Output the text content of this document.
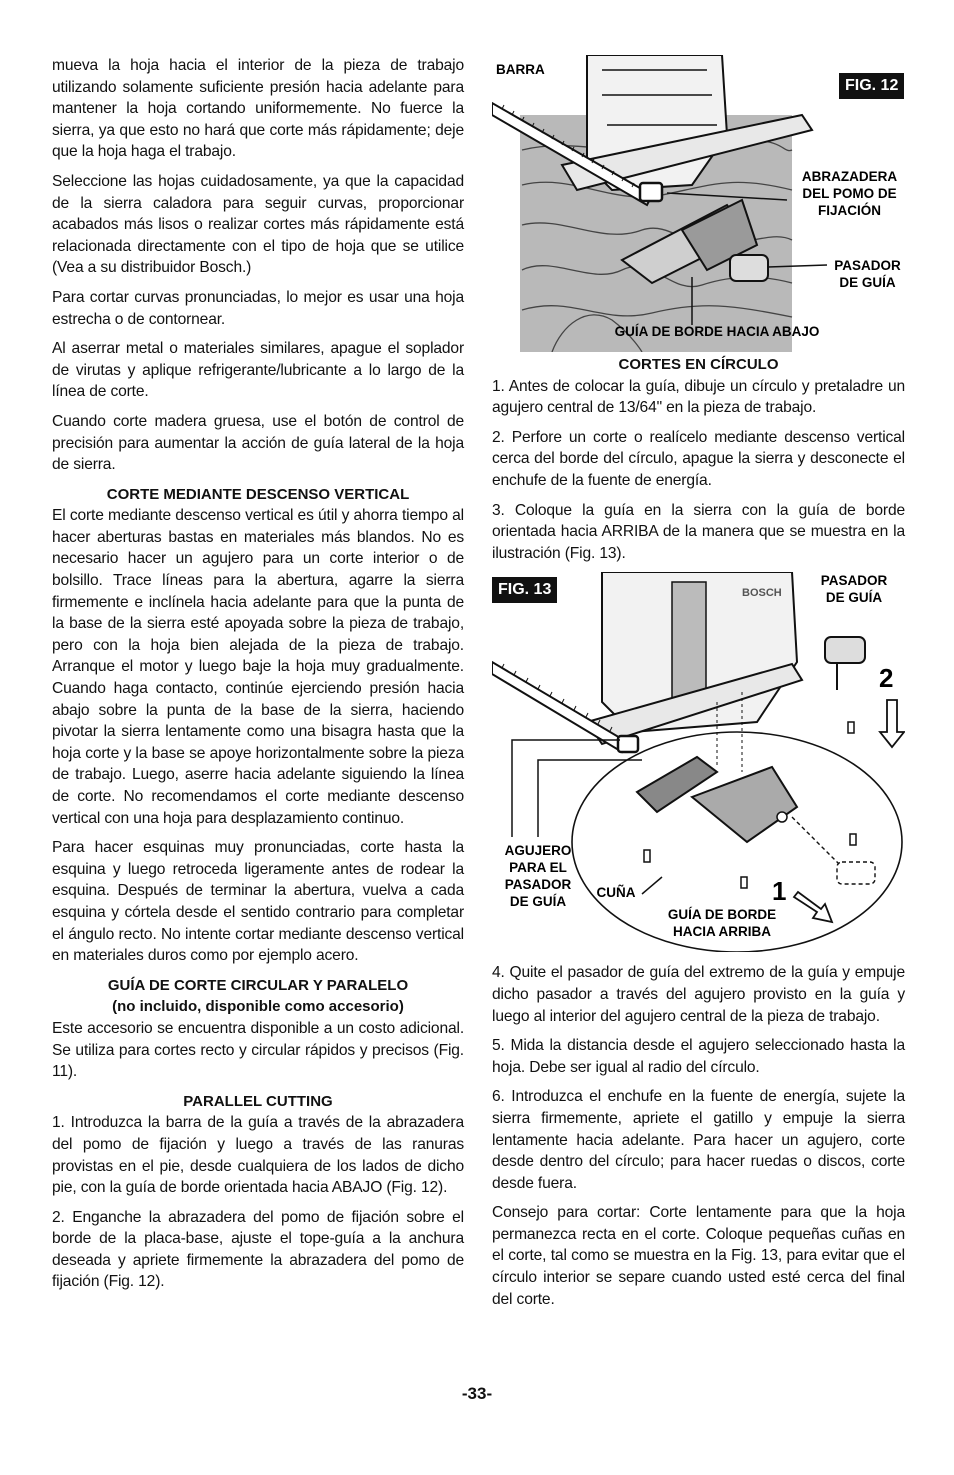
mueva la hoja hacia el interior de la pieza de trabajo utilizando solamente suficiente presión hacia adelante para mantener la hoja cortando uniformemente. No fuerce la sierra, ya que esto no hará que corte más rápidamente; deje que la hoja haga el trabajo.

Seleccione las hojas cuidadosamente, ya que la capacidad de la sierra caladora para seguir curvas, proporcionar acabados más lisos o realizar cortes más rápidamente está relacionada directamente con el tipo de hoja que se utilice (Vea a su distribuidor Bosch.)

Para cortar curvas pronunciadas, lo mejor es usar una hoja estrecha o de contornear.

Al aserrar metal o materiales similares, apague el soplador de virutas y aplique refrigerante/lubricante a lo largo de la línea de corte.

Cuando corte madera gruesa, use el botón de control de precisión para aumentar la acción de guía lateral de la hoja de sierra.

CORTE MEDIANTE DESCENSO VERTICAL

El corte mediante descenso vertical es útil y ahorra tiempo al hacer aberturas bastas en materiales más blandos. No es necesario hacer un agujero para un corte interior o de bolsillo. Trace líneas para la abertura, agarre la sierra firmemente e inclínela hacia adelante para que la punta de la base de la sierra esté apoyada sobre la pieza de trabajo, pero con la hoja bien alejada de la pieza de trabajo. Arranque el motor y luego baje la hoja muy gradualmente. Cuando haga contacto, continúe ejerciendo presión hacia abajo sobre la punta de la base de la sierra, haciendo pivotar la sierra lentamente como una bisagra hasta que la hoja corte y la base se apoye horizontalmente sobre la pieza de trabajo. Luego, aserre hacia adelante siguiendo la línea de corte. No recomendamos el corte mediante descenso vertical con una hoja para desplazamiento continuo.

Para hacer esquinas muy pronunciadas, corte hasta la esquina y luego retroceda ligeramente antes de rodear la esquina. Después de terminar la abertura, vuelva a cada esquina y córtela desde el sentido contrario para completar el ángulo recto. No intente cortar mediante descenso vertical en materiales duros como por ejemplo acero.

GUÍA DE CORTE CIRCULAR Y PARALELO
(no incluido, disponible como accesorio)

Este accesorio se encuentra disponible a un costo adicional. Se utiliza para cortes recto y circular rápidos y precisos (Fig. 11).

PARALLEL CUTTING

1. Introduzca la barra de la guía a través de la abrazadera del pomo de fijación y luego a través de las ranuras provistas en el pie, desde cualquiera de los lados de dicho pie, con la guía de borde orientada hacia ABAJO (Fig. 12).

2. Enganche la abrazadera del pomo de fijación sobre el borde de la placa-base, ajuste el tope-guía a la anchura deseada y apriete firmemente la abrazadera del pomo de fijación (Fig. 12).

FIG. 12
BARRA
ABRAZADERA DEL POMO DE FIJACIÓN
PASADOR DE GUÍA
GUÍA DE BORDE HACIA ABAJO
CORTES EN CÍRCULO

1. Antes de colocar la guía, dibuje un círculo y pretaladre un agujero central de 13/64" en la pieza de trabajo.

2. Perfore un corte o realícelo mediante descenso vertical cerca del borde del círculo, apague la sierra y desconecte el enchufe de la fuente de energía.

3. Coloque la guía en la sierra con la guía de borde orientada hacia ARRIBA de la manera que se muestra en la ilustración (Fig. 13).

BOSCH
FIG. 13
PASADOR DE GUÍA
AGUJERO PARA EL PASADOR DE GUÍA
CUÑA
GUÍA DE BORDE HACIA ARRIBA
1
2

4. Quite el pasador de guía del extremo de la guía y empuje dicho pasador a través del agujero provisto en la guía y luego al interior del agujero central de la pieza de trabajo.

5. Mida la distancia desde el agujero seleccionado hasta la hoja. Debe ser igual al radio del círculo.

6. Introduzca el enchufe en la fuente de energía, sujete la sierra firmemente, apriete el gatillo y empuje la sierra lentamente hacia adelante. Para hacer un agujero, corte desde dentro del círculo; para hacer ruedas o discos, corte desde fuera.

Consejo para cortar: Corte lentamente para que la hoja permanezca recta en el corte. Coloque pequeñas cuñas en el corte, tal como se muestra en la Fig. 13, para evitar que el círculo interior se separe cuando usted esté cerca del final del corte.

-33-
